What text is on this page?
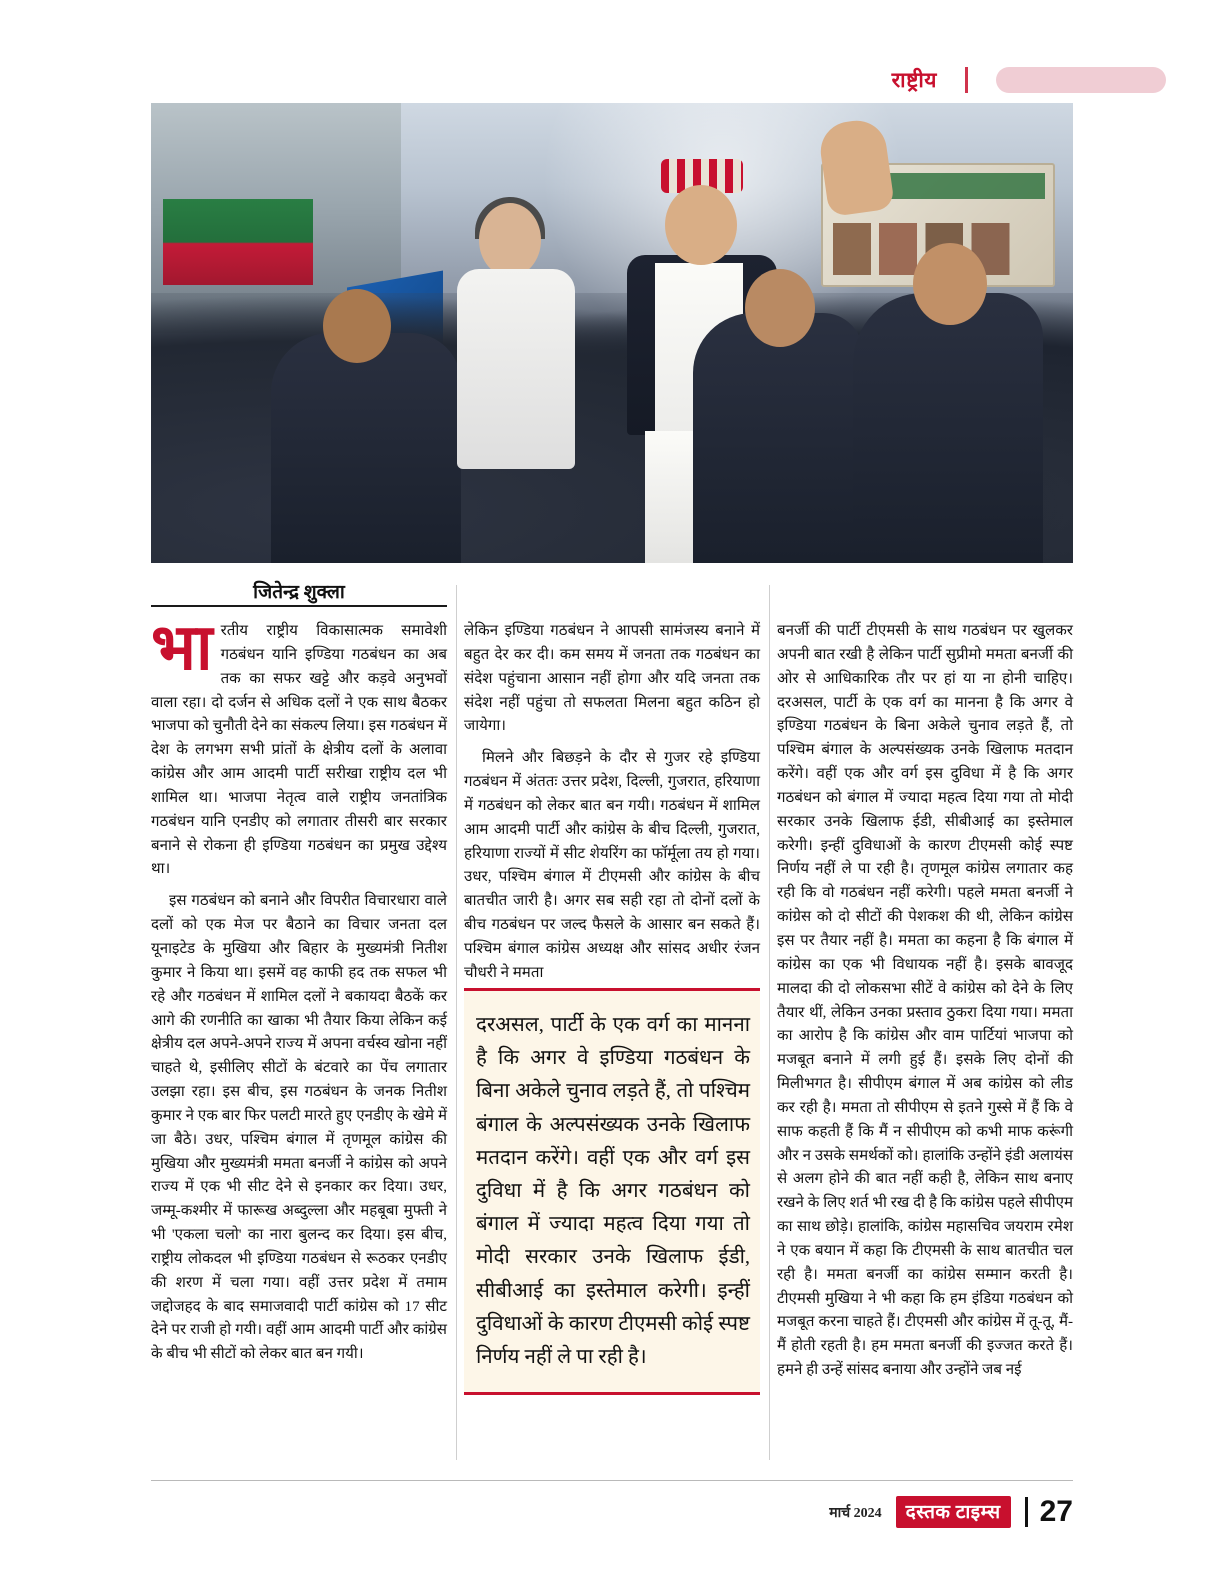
राष्ट्रीय
जितेन्द्र शुक्ला

भारतीय राष्ट्रीय विकासात्मक समावेशी गठबंधन यानि इण्डिया गठबंधन का अब तक का सफर खट्टे और कड़वे अनुभवों वाला रहा। दो दर्जन से अधिक दलों ने एक साथ बैठकर भाजपा को चुनौती देने का संकल्प लिया। इस गठबंधन में देश के लगभग सभी प्रांतों के क्षेत्रीय दलों के अलावा कांग्रेस और आम आदमी पार्टी सरीखा राष्ट्रीय दल भी शामिल था। भाजपा नेतृत्व वाले राष्ट्रीय जनतांत्रिक गठबंधन यानि एनडीए को लगातार तीसरी बार सरकार बनाने से रोकना ही इण्डिया गठबंधन का प्रमुख उद्देश्य था।

इस गठबंधन को बनाने और विपरीत विचारधारा वाले दलों को एक मेज पर बैठाने का विचार जनता दल यूनाइटेड के मुखिया और बिहार के मुख्यमंत्री नितीश कुमार ने किया था। इसमें वह काफी हद तक सफल भी रहे और गठबंधन में शामिल दलों ने बकायदा बैठकें कर आगे की रणनीति का खाका भी तैयार किया लेकिन कई क्षेत्रीय दल अपने-अपने राज्य में अपना वर्चस्व खोना नहीं चाहते थे, इसीलिए सीटों के बंटवारे का पेंच लगातार उलझा रहा। इस बीच, इस गठबंधन के जनक नितीश कुमार ने एक बार फिर पलटी मारते हुए एनडीए के खेमे में जा बैठे। उधर, पश्चिम बंगाल में तृणमूल कांग्रेस की मुखिया और मुख्यमंत्री ममता बनर्जी ने कांग्रेस को अपने राज्य में एक भी सीट देने से इनकार कर दिया। उधर, जम्मू-कश्मीर में फारूख अब्दुल्ला और महबूबा मुफ्ती ने भी 'एकला चलो' का नारा बुलन्द कर दिया। इस बीच, राष्ट्रीय लोकदल भी इण्डिया गठबंधन से रूठकर एनडीए की शरण में चला गया। वहीं उत्तर प्रदेश में तमाम जद्दोजहद के बाद समाजवादी पार्टी कांग्रेस को 17 सीट देने पर राजी हो गयी। वहीं आम आदमी पार्टी और कांग्रेस के बीच भी सीटों को लेकर बात बन गयी।

लेकिन इण्डिया गठबंधन ने आपसी सामंजस्य बनाने में बहुत देर कर दी। कम समय में जनता तक गठबंधन का संदेश पहुंचाना आसान नहीं होगा और यदि जनता तक संदेश नहीं पहुंचा तो सफलता मिलना बहुत कठिन हो जायेगा।

मिलने और बिछड़ने के दौर से गुजर रहे इण्डिया गठबंधन में अंततः उत्तर प्रदेश, दिल्ली, गुजरात, हरियाणा में गठबंधन को लेकर बात बन गयी। गठबंधन में शामिल आम आदमी पार्टी और कांग्रेस के बीच दिल्ली, गुजरात, हरियाणा राज्यों में सीट शेयरिंग का फॉर्मूला तय हो गया। उधर, पश्चिम बंगाल में टीएमसी और कांग्रेस के बीच बातचीत जारी है। अगर सब सही रहा तो दोनों दलों के बीच गठबंधन पर जल्द फैसले के आसार बन सकते हैं। पश्चिम बंगाल कांग्रेस अध्यक्ष और सांसद अधीर रंजन चौधरी ने ममता

दरअसल, पार्टी के एक वर्ग का मानना है कि अगर वे इण्डिया गठबंधन के बिना अकेले चुनाव लड़ते हैं, तो पश्चिम बंगाल के अल्पसंख्यक उनके खिलाफ मतदान करेंगे। वहीं एक और वर्ग इस दुविधा में है कि अगर गठबंधन को बंगाल में ज्यादा महत्व दिया गया तो मोदी सरकार उनके खिलाफ ईडी, सीबीआई का इस्तेमाल करेगी। इन्हीं दुविधाओं के कारण टीएमसी कोई स्पष्ट निर्णय नहीं ले पा रही है।

बनर्जी की पार्टी टीएमसी के साथ गठबंधन पर खुलकर अपनी बात रखी है लेकिन पार्टी सुप्रीमो ममता बनर्जी की ओर से आधिकारिक तौर पर हां या ना होनी चाहिए। दरअसल, पार्टी के एक वर्ग का मानना है कि अगर वे इण्डिया गठबंधन के बिना अकेले चुनाव लड़ते हैं, तो पश्चिम बंगाल के अल्पसंख्यक उनके खिलाफ मतदान करेंगे। वहीं एक और वर्ग इस दुविधा में है कि अगर गठबंधन को बंगाल में ज्यादा महत्व दिया गया तो मोदी सरकार उनके खिलाफ ईडी, सीबीआई का इस्तेमाल करेगी। इन्हीं दुविधाओं के कारण टीएमसी कोई स्पष्ट निर्णय नहीं ले पा रही है। तृणमूल कांग्रेस लगातार कह रही कि वो गठबंधन नहीं करेगी। पहले ममता बनर्जी ने कांग्रेस को दो सीटों की पेशकश की थी, लेकिन कांग्रेस इस पर तैयार नहीं है। ममता का कहना है कि बंगाल में कांग्रेस का एक भी विधायक नहीं है। इसके बावजूद मालदा की दो लोकसभा सीटें वे कांग्रेस को देने के लिए तैयार थीं, लेकिन उनका प्रस्ताव ठुकरा दिया गया। ममता का आरोप है कि कांग्रेस और वाम पार्टियां भाजपा को मजबूत बनाने में लगी हुई हैं। इसके लिए दोनों की मिलीभगत है। सीपीएम बंगाल में अब कांग्रेस को लीड कर रही है। ममता तो सीपीएम से इतने गुस्से में हैं कि वे साफ कहती हैं कि मैं न सीपीएम को कभी माफ करूंगी और न उसके समर्थकों को। हालांकि उन्होंने इंडी अलायंस से अलग होने की बात नहीं कही है, लेकिन साथ बनाए रखने के लिए शर्त भी रख दी है कि कांग्रेस पहले सीपीएम का साथ छोड़े। हालांकि, कांग्रेस महासचिव जयराम रमेश ने एक बयान में कहा कि टीएमसी के साथ बातचीत चल रही है। ममता बनर्जी का कांग्रेस सम्मान करती है। टीएमसी मुखिया ने भी कहा कि हम इंडिया गठबंधन को मजबूत करना चाहते हैं। टीएमसी और कांग्रेस में तू-तू, मैं-मैं होती रहती है। हम ममता बनर्जी की इज्जत करते हैं। हमने ही उन्हें सांसद बनाया और उन्होंने जब नई

मार्च 2024	दस्तक टाइम्स	27
